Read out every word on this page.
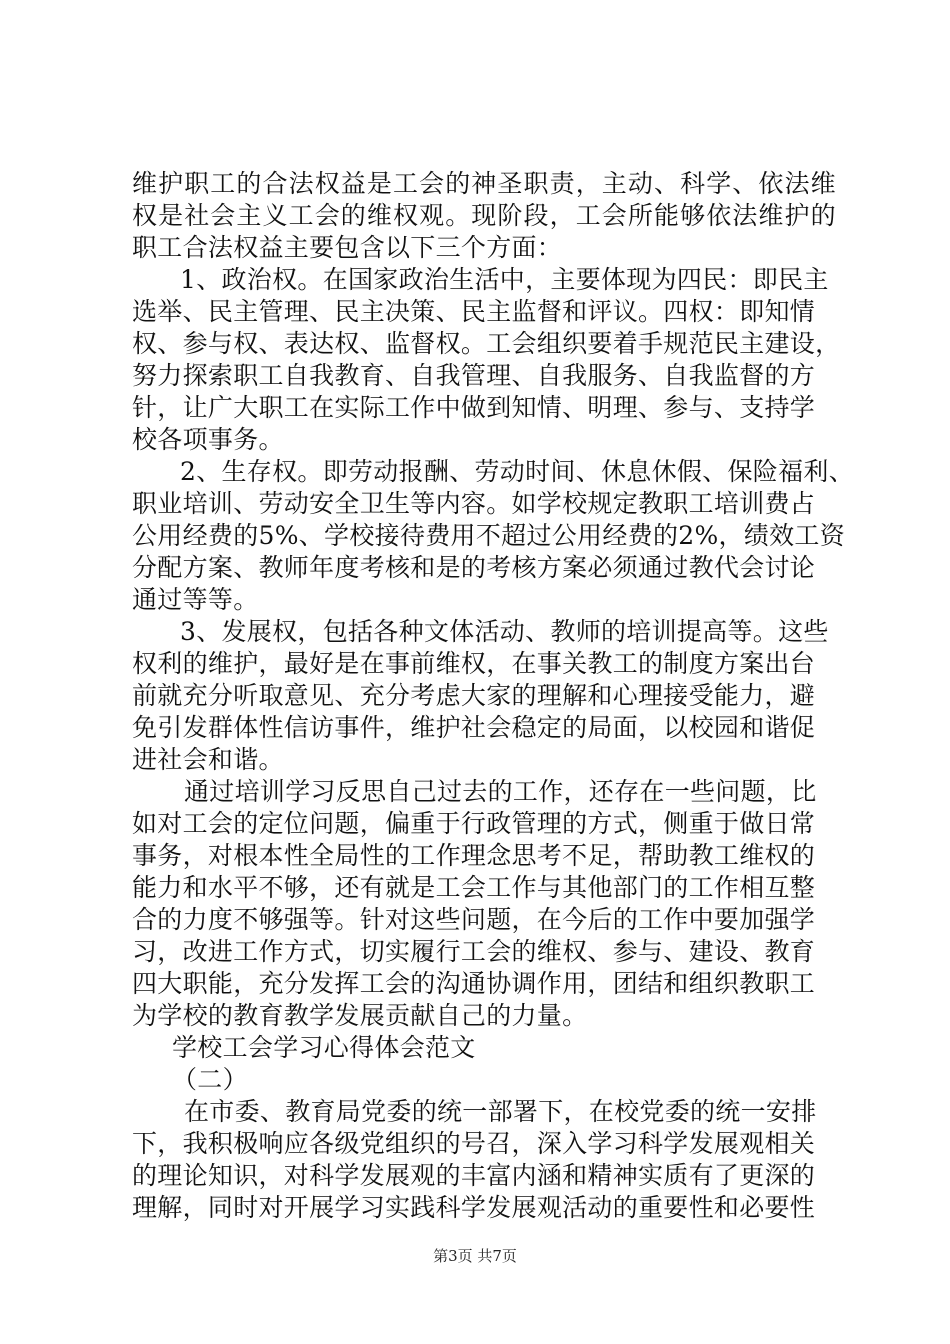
维护职工的合法权益是工会的神圣职责，主动、科学、依法维
权是社会主义工会的维权观。现阶段，工会所能够依法维护的
职工合法权益主要包含以下三个方面：
1、政治权。在国家政治生活中，主要体现为四民：即民主
选举、民主管理、民主决策、民主监督和评议。四权：即知情
权、参与权、表达权、监督权。工会组织要着手规范民主建设，
努力探索职工自我教育、自我管理、自我服务、自我监督的方
针，让广大职工在实际工作中做到知情、明理、参与、支持学
校各项事务。
2、生存权。即劳动报酬、劳动时间、休息休假、保险福利、
职业培训、劳动安全卫生等内容。如学校规定教职工培训费占
公用经费的5%、学校接待费用不超过公用经费的2%，绩效工资
分配方案、教师年度考核和是的考核方案必须通过教代会讨论
通过等等。
3、发展权，包括各种文体活动、教师的培训提高等。这些
权利的维护，最好是在事前维权，在事关教工的制度方案出台
前就充分听取意见、充分考虑大家的理解和心理接受能力，避
免引发群体性信访事件，维护社会稳定的局面，以校园和谐促
进社会和谐。
通过培训学习反思自己过去的工作，还存在一些问题，比
如对工会的定位问题，偏重于行政管理的方式，侧重于做日常
事务，对根本性全局性的工作理念思考不足，帮助教工维权的
能力和水平不够，还有就是工会工作与其他部门的工作相互整
合的力度不够强等。针对这些问题，在今后的工作中要加强学
习，改进工作方式，切实履行工会的维权、参与、建设、教育
四大职能，充分发挥工会的沟通协调作用，团结和组织教职工
为学校的教育教学发展贡献自己的力量。
学校工会学习心得体会范文
（二）
在市委、教育局党委的统一部署下，在校党委的统一安排
下，我积极响应各级党组织的号召，深入学习科学发展观相关
的理论知识，对科学发展观的丰富内涵和精神实质有了更深的
理解，同时对开展学习实践科学发展观活动的重要性和必要性
第3页 共7页
